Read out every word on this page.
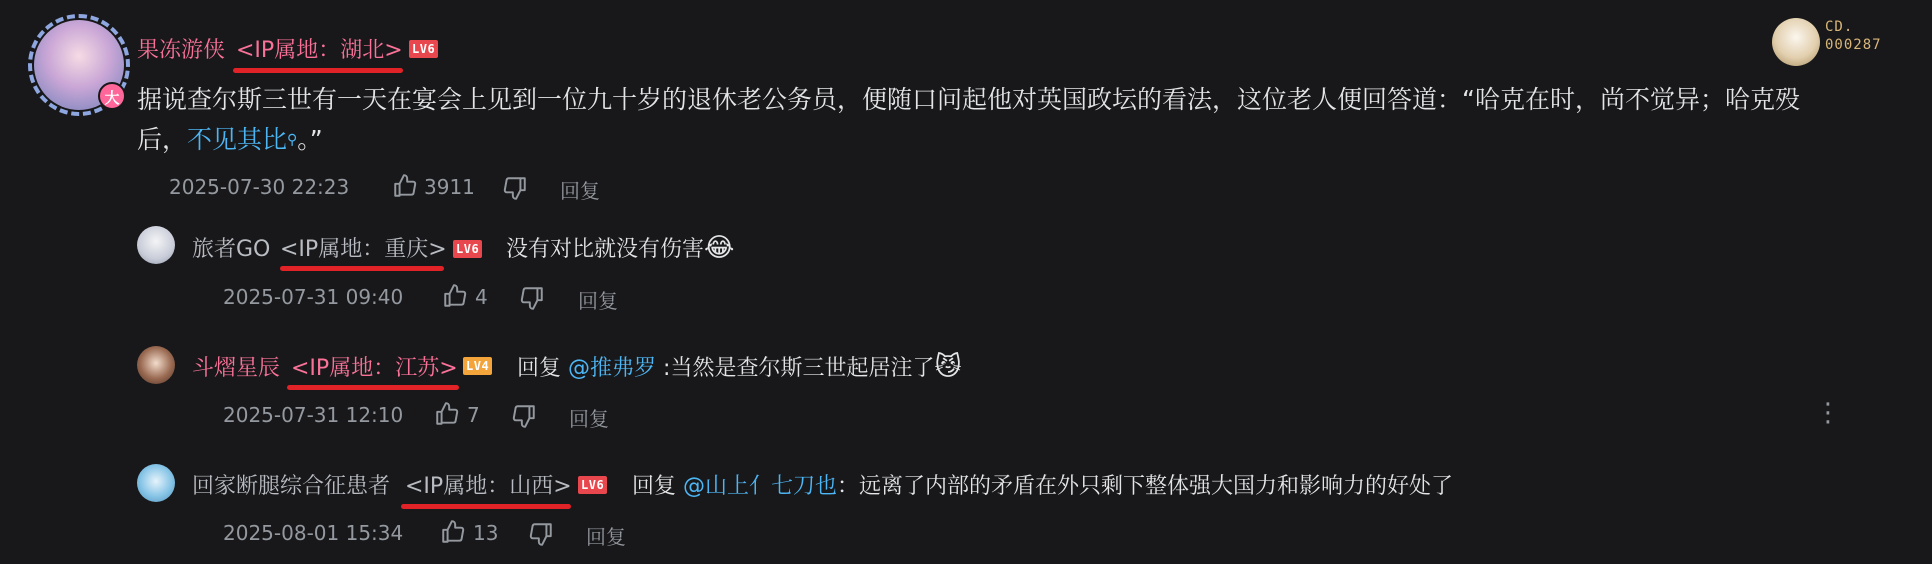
CD.
000287
大
果冻游侠 <IP属地：湖北> LV6
据说查尔斯三世有一天在宴会上见到一位九十岁的退休老公务员，便随口问起他对英国政坛的看法，这位老人便回答道：“哈克在时，尚不觉异；哈克殁
后，不见其比⚲。”
2025-07-30 22:23	3911	回复
旅者GO <IP属地：重庆> LV6 没有对比就没有伤害😂
2025-07-31 09:40	4	回复
斗熠星辰 <IP属地：江苏> LV4 回复 @推弗罗 :当然是查尔斯三世起居注了😼
2025-07-31 12:10	7	回复	⋮
回家断腿综合征患者 <IP属地：山西> LV6 回复 @山上亻七刀也：远离了内部的矛盾在外只剩下整体强大国力和影响力的好处了
2025-08-01 15:34	13	回复
